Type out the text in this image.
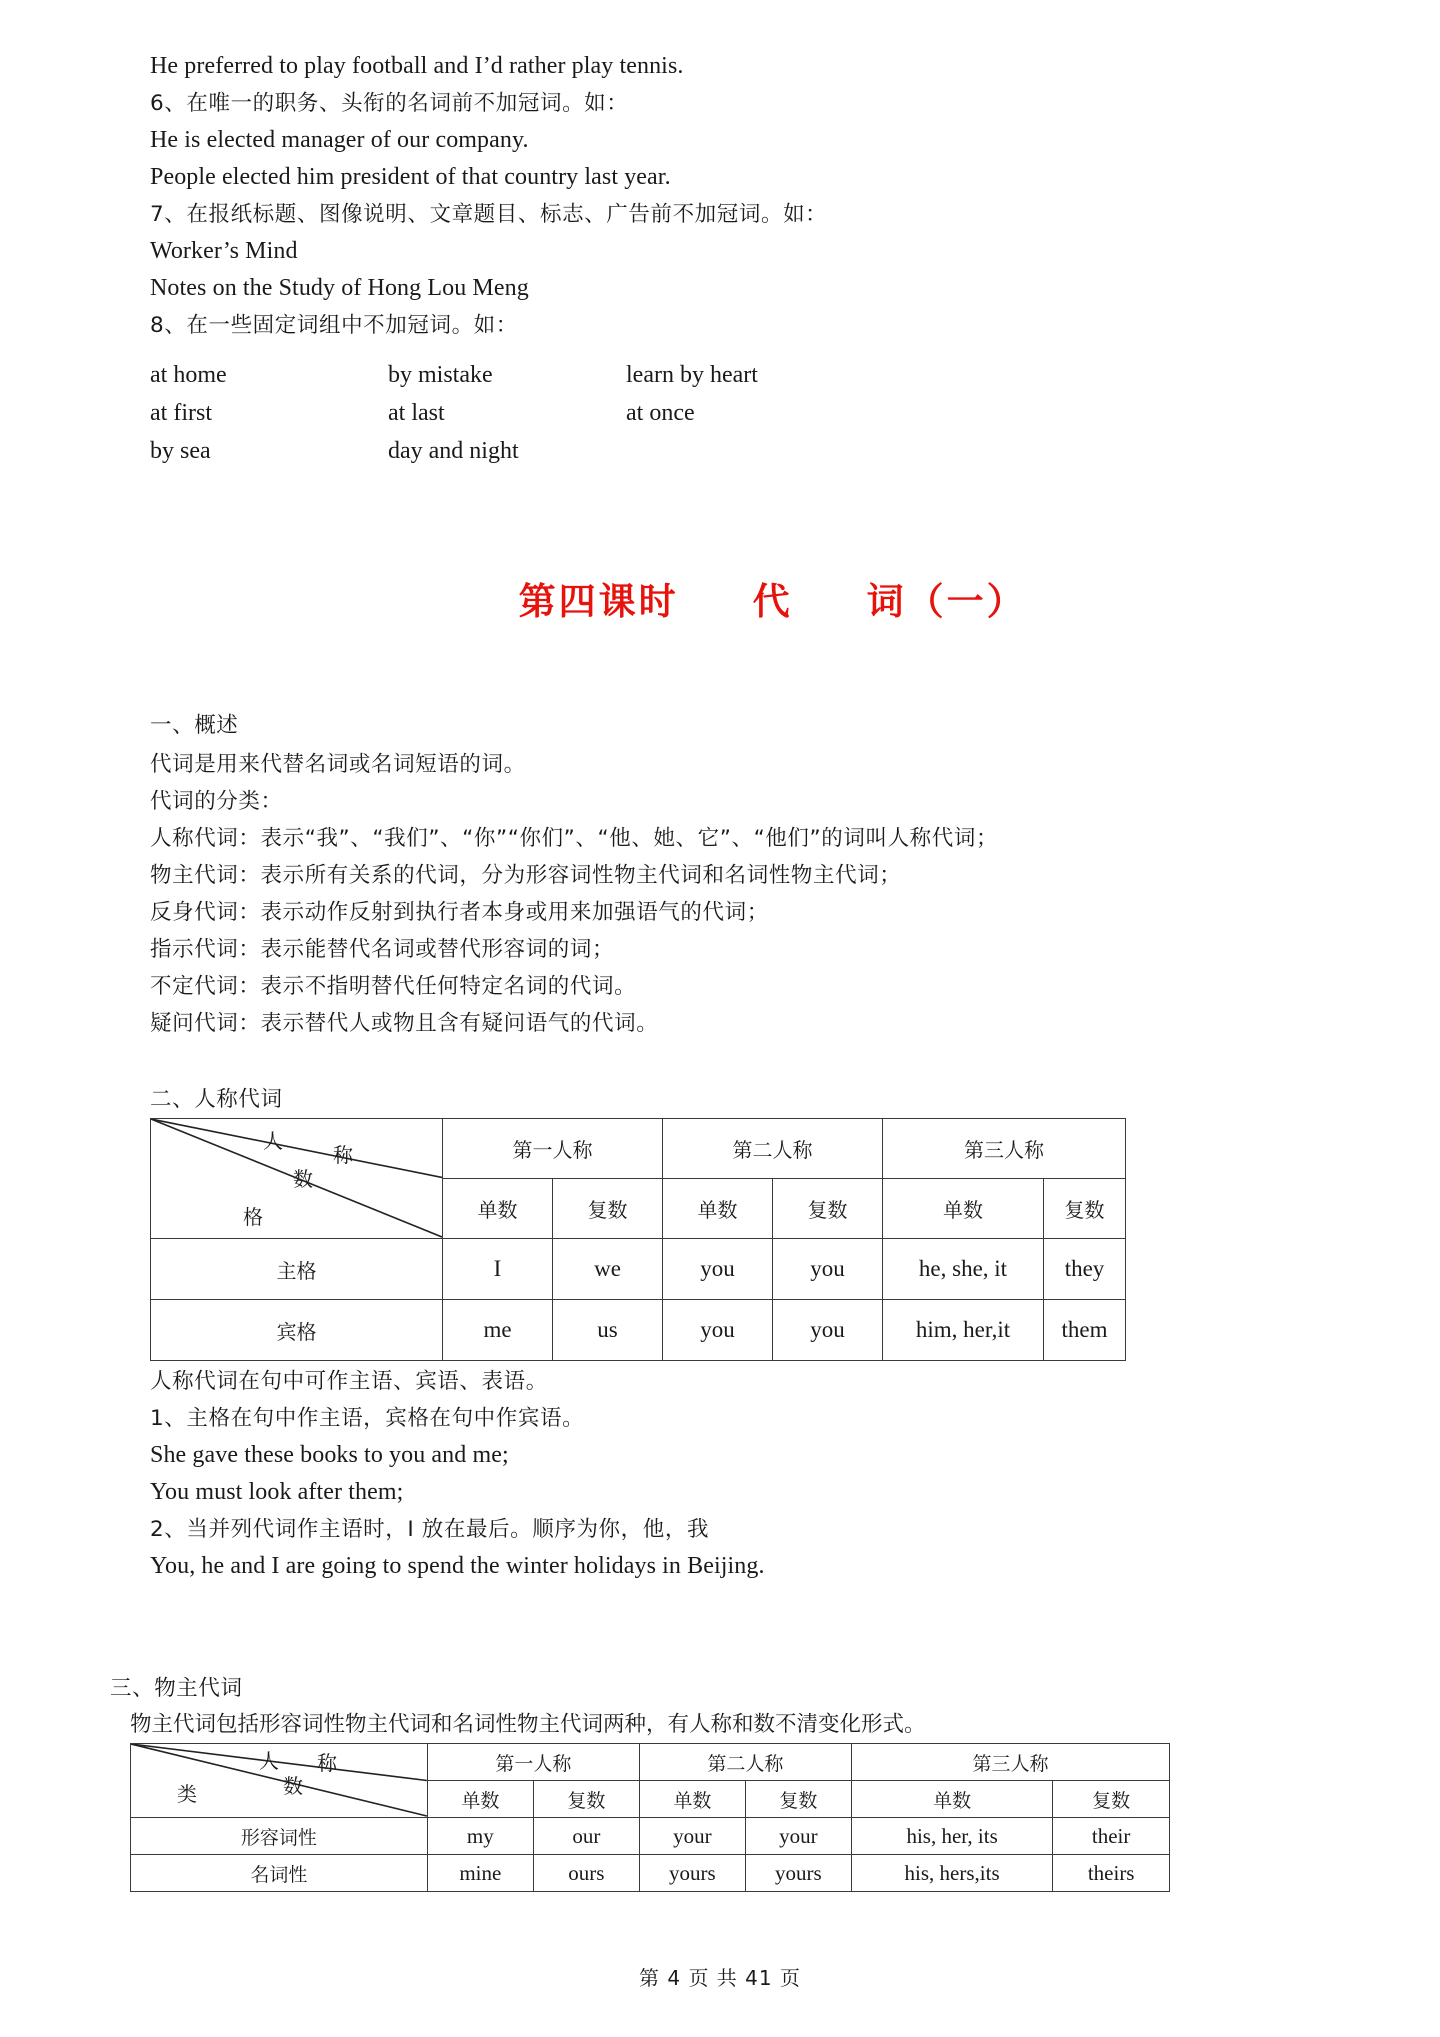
He preferred to play football and I’d rather play tennis.
6、在唯一的职务、头衔的名词前不加冠词。如：
He is elected manager of our company.
People elected him president of that country last year.
7、在报纸标题、图像说明、文章题目、标志、广告前不加冠词。如：
Worker’s Mind
Notes on the Study of Hong Lou Meng
8、在一些固定词组中不加冠词。如：
at home	by mistake	learn by heart
at first	at last	at once
by sea	day and night

第四课时 代 词（一）

一、概述
代词是用来代替名词或名词短语的词。
代词的分类：
人称代词：表示“我”、“我们”、“你”“你们”、“他、她、它”、“他们”的词叫人称代词；
物主代词：表示所有关系的代词，分为形容词性物主代词和名词性物主代词；
反身代词：表示动作反射到执行者本身或用来加强语气的代词；
指示代词：表示能替代名词或替代形容词的词；
不定代词：表示不指明替代任何特定名词的代词。
疑问代词：表示替代人或物且含有疑问语气的代词。
二、人称代词
人
称
数
格	第一人称		第二人称		第三人称	
	单数	复数	单数	复数	单数	复数
主格	I	we	you	you	he, she, it	they
宾格	me	us	you	you	him, her,it	them
人称代词在句中可作主语、宾语、表语。
1、主格在句中作主语，宾格在句中作宾语。
She gave these books to you and me;
You must look after them;
2、当并列代词作主语时，I 放在最后。顺序为你，他，我
You, he and I are going to spend the winter holidays in Beijing.
三、物主代词
物主代词包括形容词性物主代词和名词性物主代词两种，有人称和数不清变化形式。
人 称
数
类	第一人称		第二人称		第三人称	
	单数	复数	单数	复数	单数	复数
形容词性	my	our	your	your	his, her, its	their
名词性	mine	ours	yours	yours	his, hers,its	theirs
第 4 页 共 41 页
